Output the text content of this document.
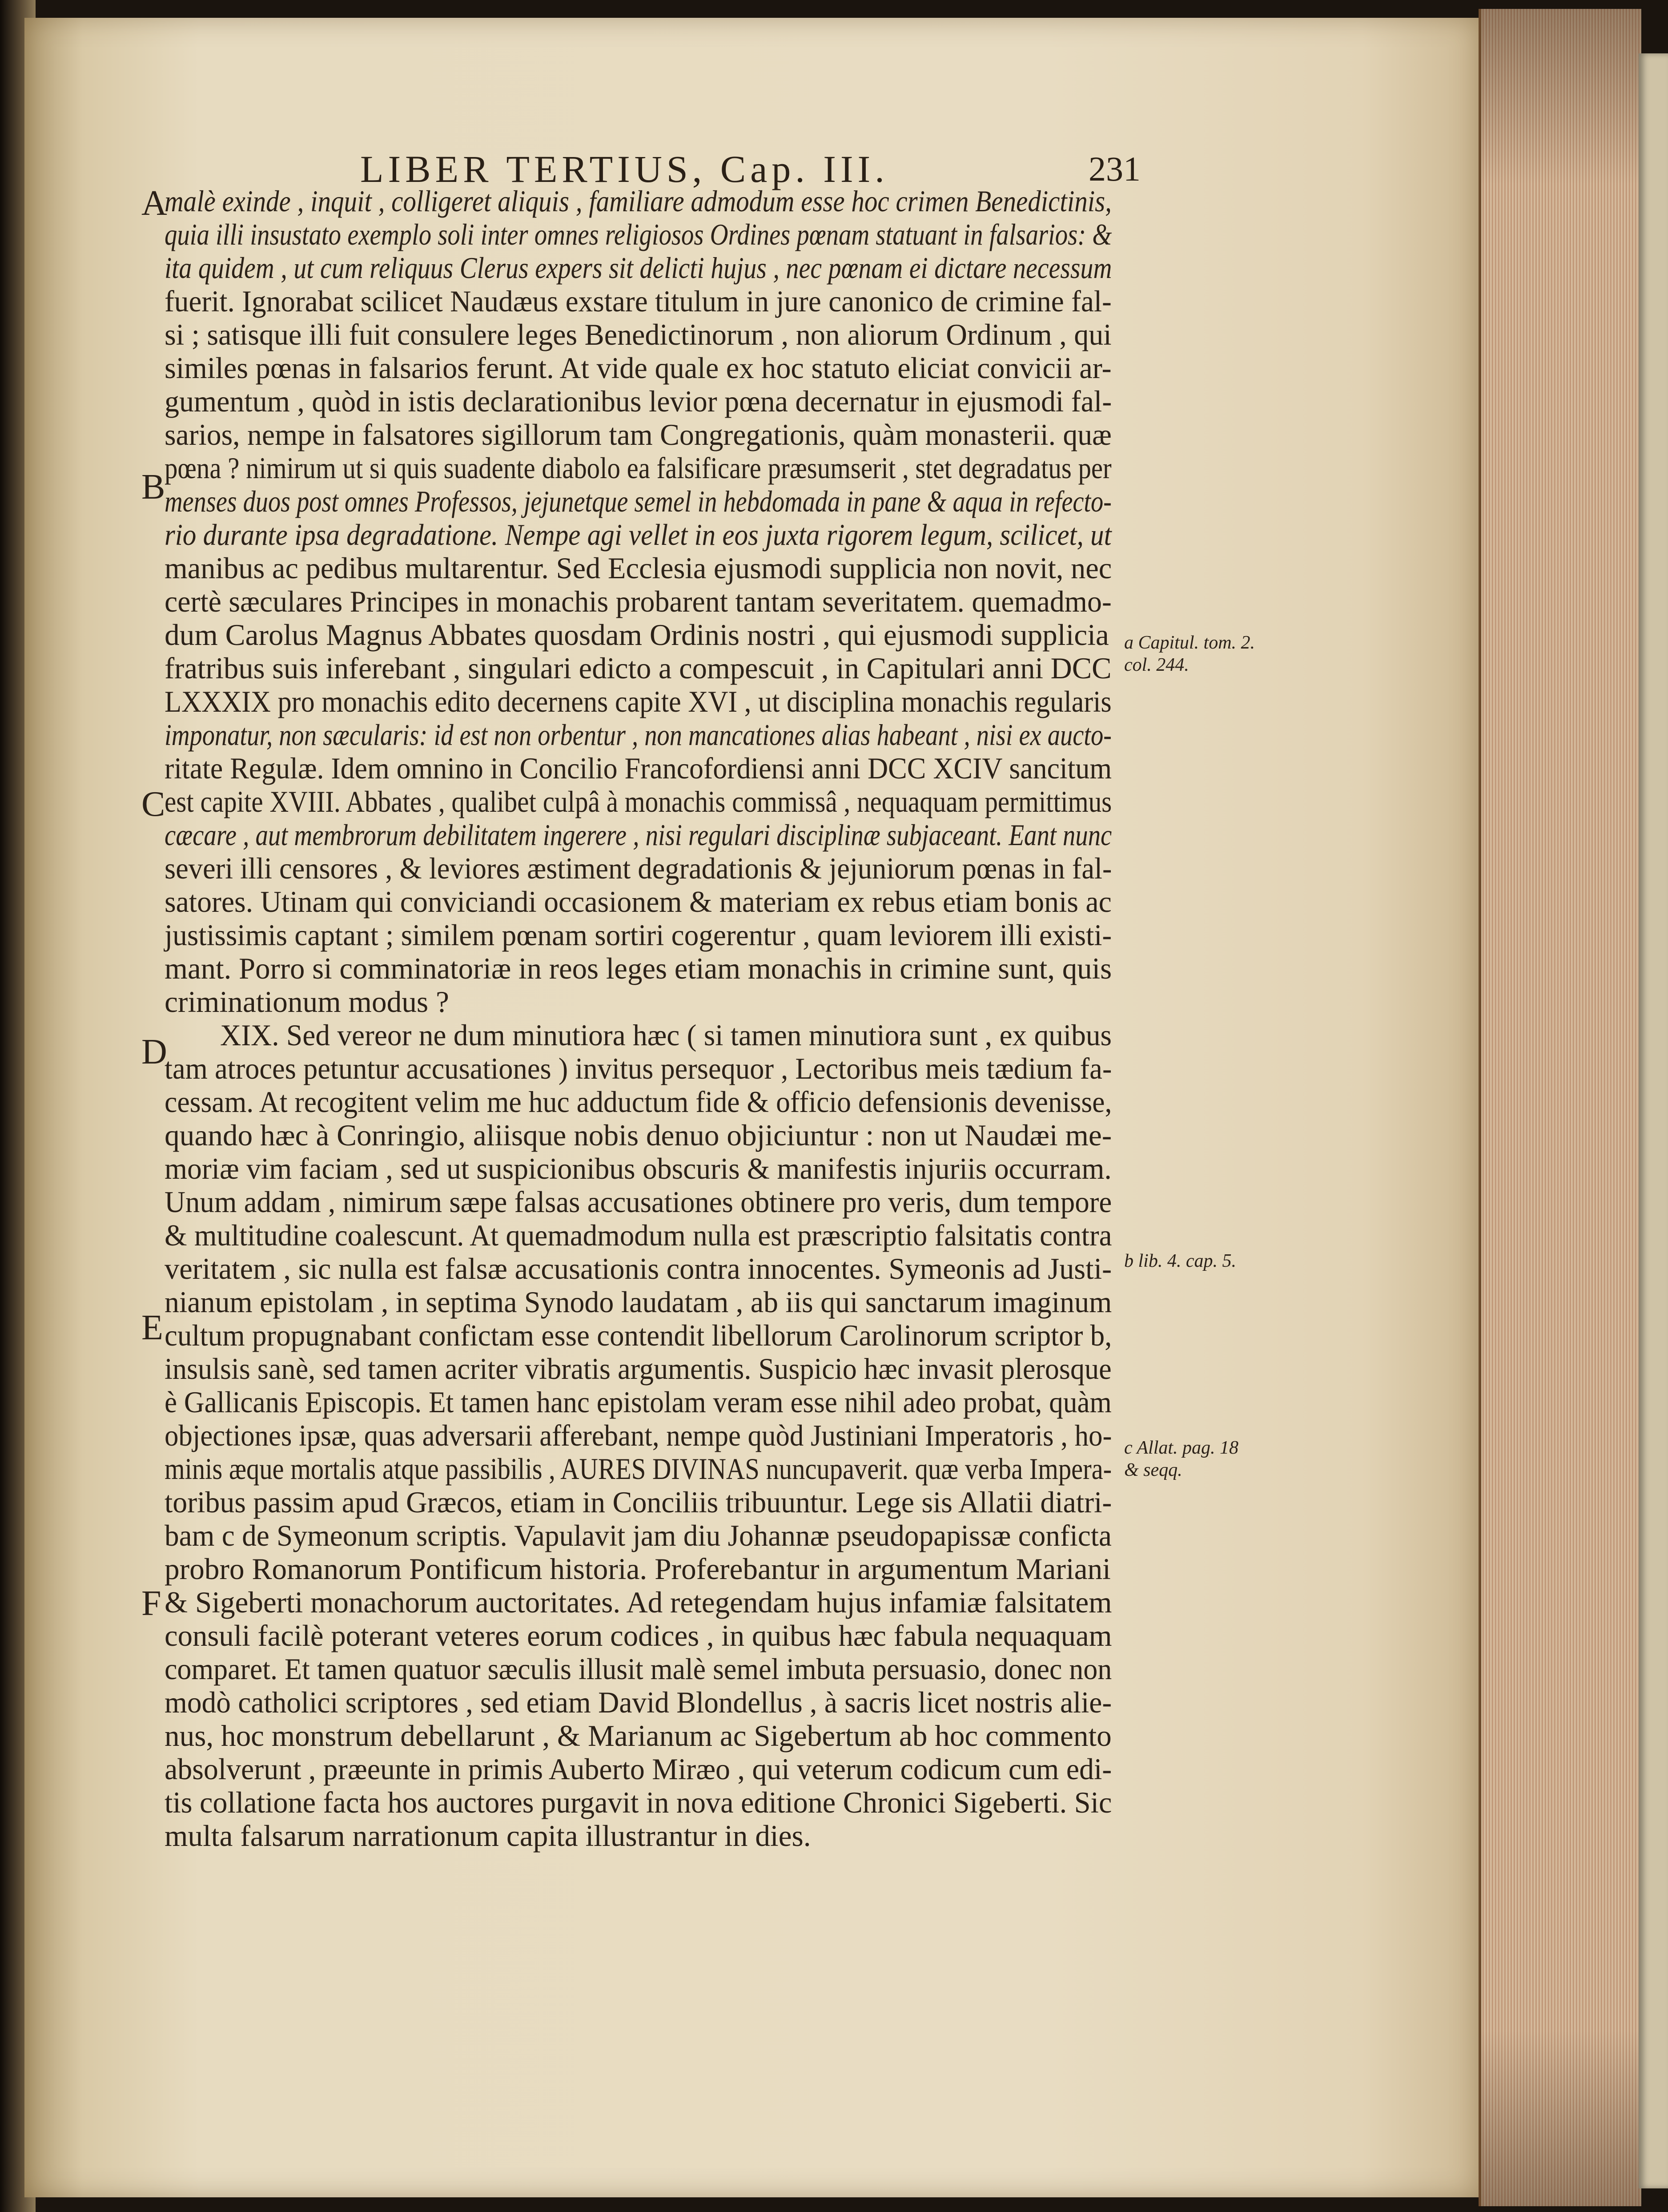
LIBER TERTIUS, Cap. III.	231
A
B
C
D
E
F
a Capitul. tom. 2.
col. 244.
b lib. 4. cap. 5.
c Allat. pag. 18
& seqq.
malè exinde , inquit , colligeret aliquis , familiare admodum esse hoc crimen Benedictinis,
quia illi insustato exemplo soli inter omnes religiosos Ordines pœnam statuant in falsarios: &
ita quidem , ut cum reliquus Clerus expers sit delicti hujus , nec pœnam ei dictare necessum
fuerit. Ignorabat scilicet Naudæus exstare titulum in jure canonico de crimine fal-
si ; satisque illi fuit consulere leges Benedictinorum , non aliorum Ordinum , qui
similes pœnas in falsarios ferunt. At vide quale ex hoc statuto eliciat convicii ar-
gumentum , quòd in istis declarationibus levior pœna decernatur in ejusmodi fal-
sarios, nempe in falsatores sigillorum tam Congregationis, quàm monasterii. quæ
pœna ? nimirum ut si quis suadente diabolo ea falsificare præsumserit , stet degradatus per
menses duos post omnes Professos, jejunetque semel in hebdomada in pane & aqua in refecto-
rio durante ipsa degradatione. Nempe agi vellet in eos juxta rigorem legum, scilicet, ut
manibus ac pedibus multarentur. Sed Ecclesia ejusmodi supplicia non novit, nec
certè sæculares Principes in monachis probarent tantam severitatem. quemadmo-
dum Carolus Magnus Abbates quosdam Ordinis nostri , qui ejusmodi supplicia
fratribus suis inferebant , singulari edicto a compescuit , in Capitulari anni DCC
LXXXIX pro monachis edito decernens capite XVI , ut disciplina monachis regularis
imponatur, non sæcularis: id est non orbentur , non mancationes alias habeant , nisi ex aucto-
ritate Regulæ. Idem omnino in Concilio Francofordiensi anni DCC XCIV sancitum
est capite XVIII. Abbates , qualibet culpâ à monachis commissâ , nequaquam permittimus
cæcare , aut membrorum debilitatem ingerere , nisi regulari disciplinæ subjaceant. Eant nunc
severi illi censores , & leviores æstiment degradationis & jejuniorum pœnas in fal-
satores. Utinam qui conviciandi occasionem & materiam ex rebus etiam bonis ac
justissimis captant ; similem pœnam sortiri cogerentur , quam leviorem illi existi-
mant. Porro si comminatoriæ in reos leges etiam monachis in crimine sunt, quis
criminationum modus ?
XIX. Sed vereor ne dum minutiora hæc ( si tamen minutiora sunt , ex quibus
tam atroces petuntur accusationes ) invitus persequor , Lectoribus meis tædium fa-
cessam. At recogitent velim me huc adductum fide & officio defensionis devenisse,
quando hæc à Conringio, aliisque nobis denuo objiciuntur : non ut Naudæi me-
moriæ vim faciam , sed ut suspicionibus obscuris & manifestis injuriis occurram.
Unum addam , nimirum sæpe falsas accusationes obtinere pro veris, dum tempore
& multitudine coalescunt. At quemadmodum nulla est præscriptio falsitatis contra
veritatem , sic nulla est falsæ accusationis contra innocentes. Symeonis ad Justi-
nianum epistolam , in septima Synodo laudatam , ab iis qui sanctarum imaginum
cultum propugnabant confictam esse contendit libellorum Carolinorum scriptor b,
insulsis sanè, sed tamen acriter vibratis argumentis. Suspicio hæc invasit plerosque
è Gallicanis Episcopis. Et tamen hanc epistolam veram esse nihil adeo probat, quàm
objectiones ipsæ, quas adversarii afferebant, nempe quòd Justiniani Imperatoris , ho-
minis æque mortalis atque passibilis , AURES DIVINAS nuncupaverit. quæ verba Impera-
toribus passim apud Græcos, etiam in Conciliis tribuuntur. Lege sis Allatii diatri-
bam c de Symeonum scriptis. Vapulavit jam diu Johannæ pseudopapissæ conficta
probro Romanorum Pontificum historia. Proferebantur in argumentum Mariani
& Sigeberti monachorum auctoritates. Ad retegendam hujus infamiæ falsitatem
consuli facilè poterant veteres eorum codices , in quibus hæc fabula nequaquam
comparet. Et tamen quatuor sæculis illusit malè semel imbuta persuasio, donec non
modò catholici scriptores , sed etiam David Blondellus , à sacris licet nostris alie-
nus, hoc monstrum debellarunt , & Marianum ac Sigebertum ab hoc commento
absolverunt , præeunte in primis Auberto Miræo , qui veterum codicum cum edi-
tis collatione facta hos auctores purgavit in nova editione Chronici Sigeberti. Sic
multa falsarum narrationum capita illustrantur in dies.
